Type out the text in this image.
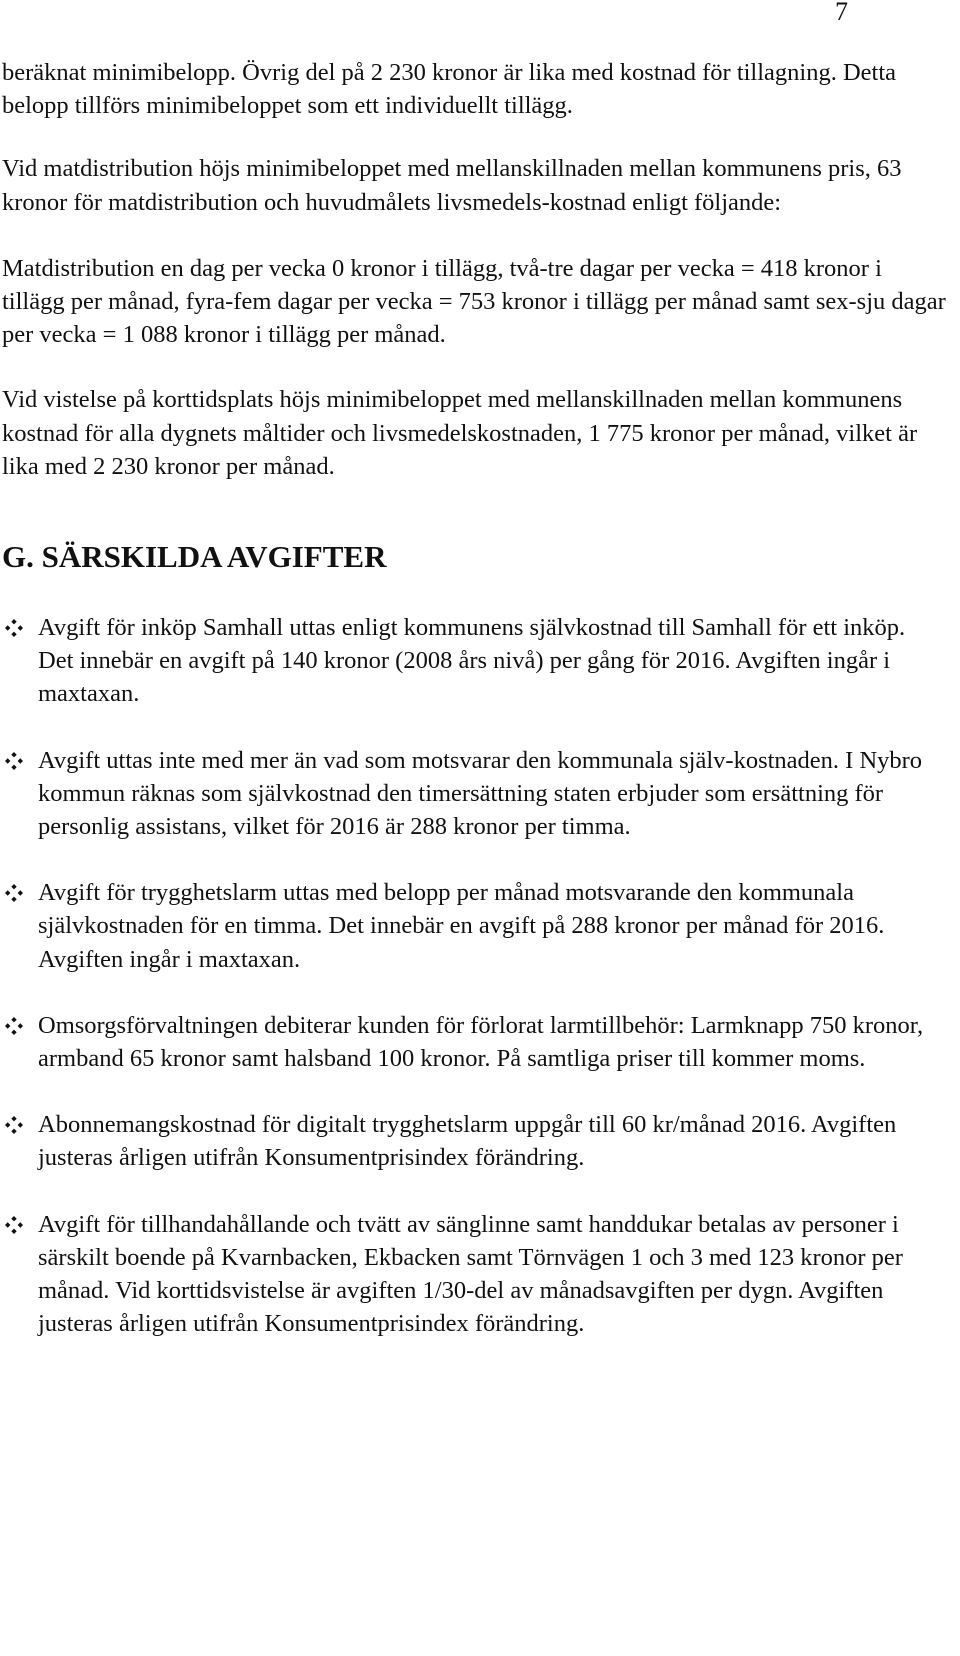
7

beräknat minimibelopp. Övrig del på 2 230 kronor är lika med kostnad för tillagning. Detta belopp tillförs minimibeloppet som ett individuellt tillägg.

Vid matdistribution höjs minimibeloppet med mellanskillnaden mellan kommunens pris, 63 kronor för matdistribution och huvudmålets livsmedels-kostnad enligt följande:

Matdistribution en dag per vecka 0 kronor i tillägg, två-tre dagar per vecka = 418 kronor i tillägg per månad, fyra-fem dagar per vecka = 753 kronor i tillägg per månad samt sex-sju dagar per vecka = 1 088 kronor i tillägg per månad.

Vid vistelse på korttidsplats höjs minimibeloppet med mellanskillnaden mellan kommunens kostnad för alla dygnets måltider och livsmedelskostnaden, 1 775 kronor per månad, vilket är lika med 2 230 kronor per månad.

G. SÄRSKILDA AVGIFTER
Avgift för inköp Samhall uttas enligt kommunens självkostnad till Samhall för ett inköp. Det innebär en avgift på 140 kronor (2008 års nivå) per gång för 2016. Avgiften ingår i maxtaxan.
Avgift uttas inte med mer än vad som motsvarar den kommunala själv-kostnaden. I Nybro kommun räknas som självkostnad den timersättning staten erbjuder som ersättning för personlig assistans, vilket för 2016 är 288 kronor per timma.
Avgift för trygghetslarm uttas med belopp per månad motsvarande den kommunala självkostnaden för en timma. Det innebär en avgift på 288 kronor per månad för 2016. Avgiften ingår i maxtaxan.
Omsorgsförvaltningen debiterar kunden för förlorat larmtillbehör: Larmknapp 750 kronor, armband 65 kronor samt halsband 100 kronor. På samtliga priser till kommer moms.
Abonnemangskostnad för digitalt trygghetslarm uppgår till 60 kr/månad 2016. Avgiften justeras årligen utifrån Konsumentprisindex förändring.
Avgift för tillhandahållande och tvätt av sänglinne samt handdukar betalas av personer i särskilt boende på Kvarnbacken, Ekbacken samt Törnvägen 1 och 3 med 123 kronor per månad. Vid korttidsvistelse är avgiften 1/30-del av månadsavgiften per dygn. Avgiften justeras årligen utifrån Konsumentprisindex förändring.
